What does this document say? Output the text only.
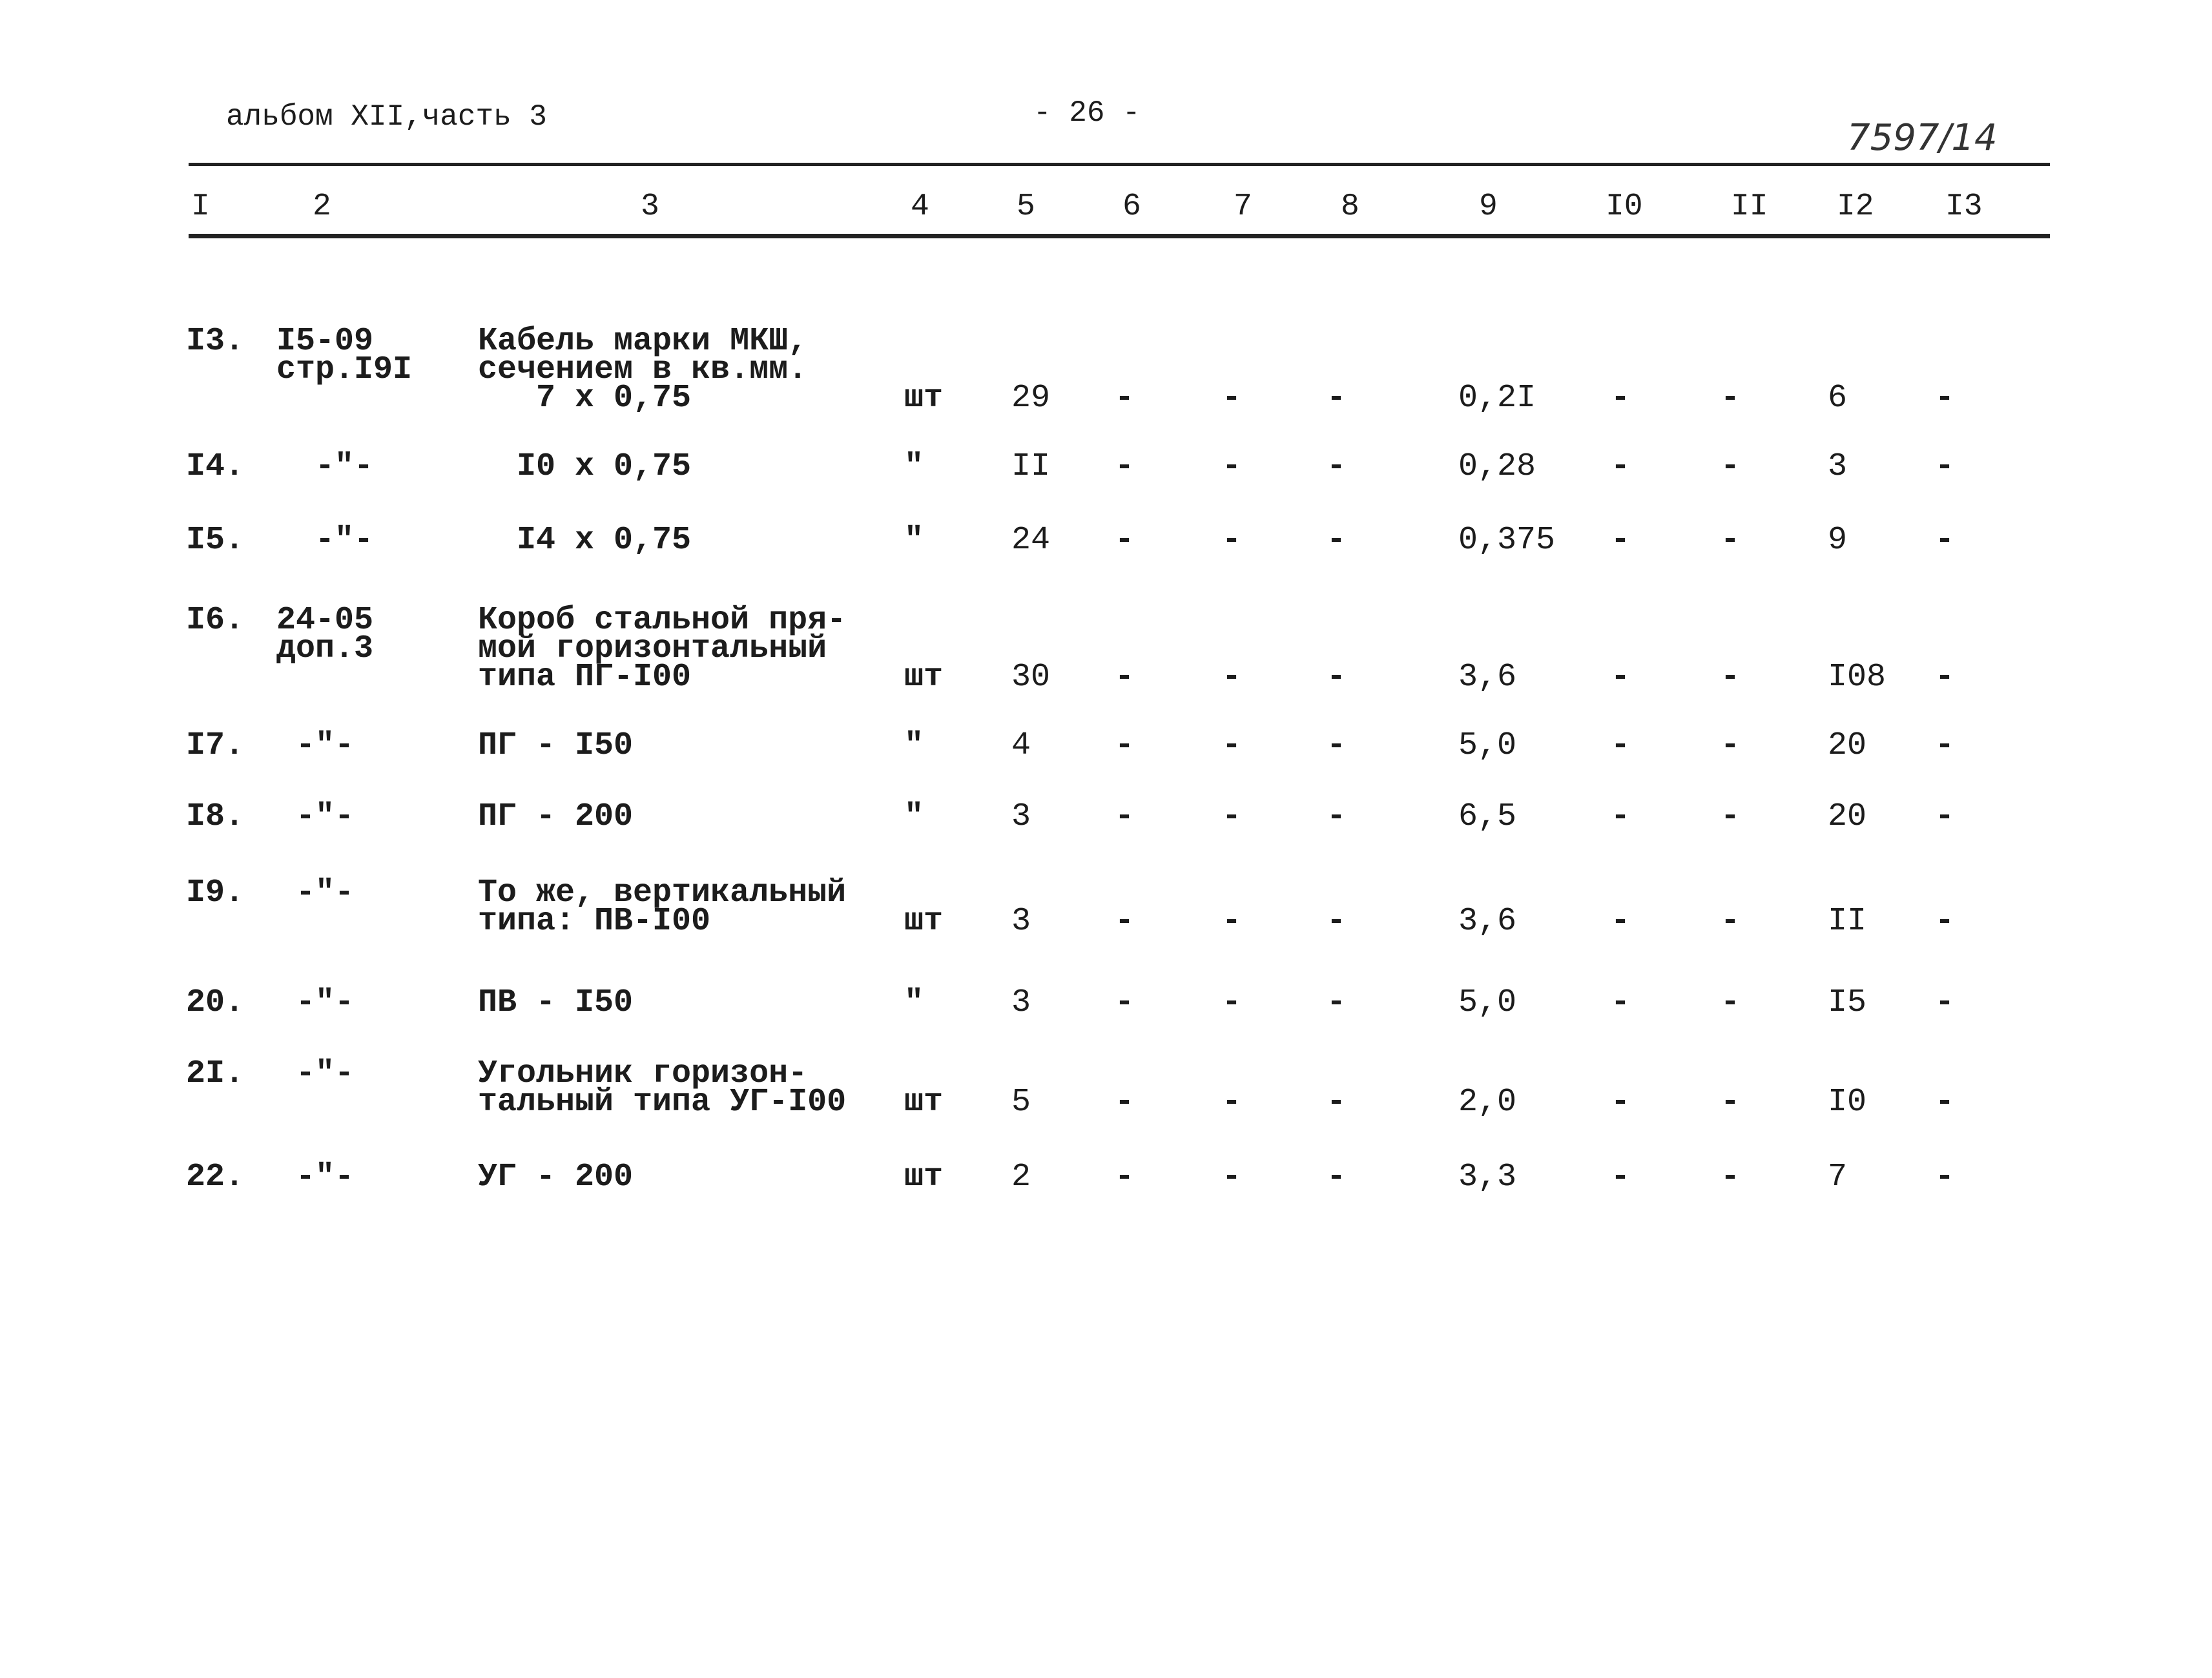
альбом XII,часть 3	- 26 -
7597/14
I	2	3	4	5	6	7	8	9	I0	II I2 I3
I3. I5-09
стр.I9I
Кабель марки МКШ,
сечением в кв.мм.
7 х 0,75	шт 29 -	-	-	0,2I -	-	6	-
I4. -"-	I0 х 0,75	"	II -	-	-	0,28 -	-	3	-
I5. -"-	I4 х 0,75	"	24 -	-	-	0,375 -	-	9	-
I6. 24-05
доп.3
Короб стальной пря-
мой горизонтальный
типа ПГ-I00	шт 30 -	-	-	3,6	-	-	I08 -
I7. -"-	ПГ - I50	"	4	-	-	-	5,0	-	-	20 -
I8. -"-	ПГ - 200	"	3	-	-	-	6,5	-	-	20 -
I9. -"-	То же, вертикальный
типа: ПВ-I00	шт 3	-	-	-	3,6	-	-	II -
20. -"-	ПВ - I50	"	3	-	-	-	5,0	-	-	I5 -
2I. -"-	Угольник горизон-
тальный типа УГ-I00 шт 5	-	-	-	2,0	-	-	I0 -
22. -"-	УГ - 200	шт 2	-	-	-	3,3	-	-	7	-
